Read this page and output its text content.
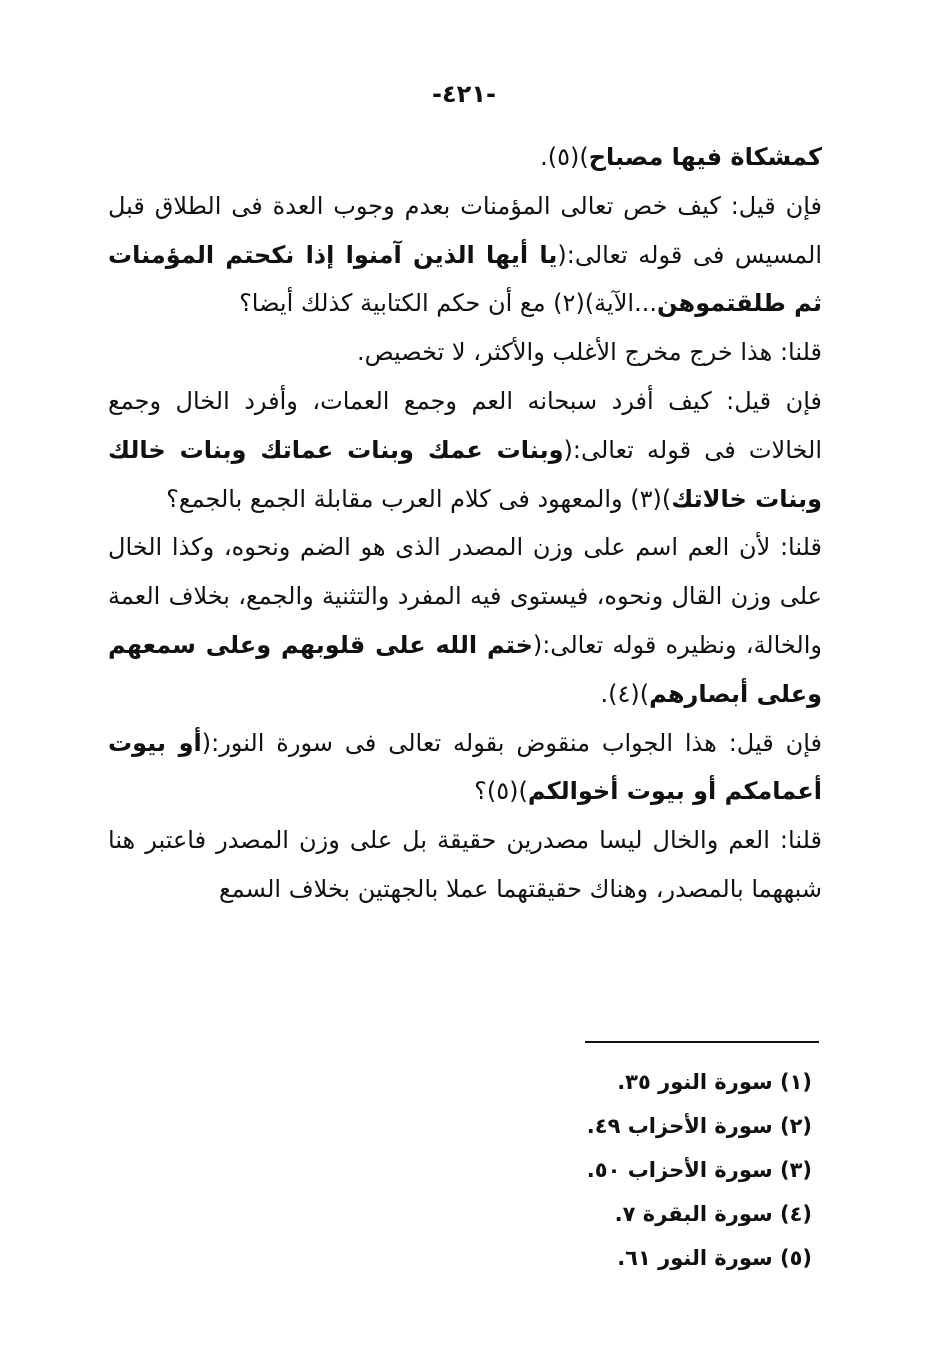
-٤٢١-

كمشكاة فيها مصباح)(٥).

فإن قيل: كيف خص تعالى المؤمنات بعدم وجوب العدة فى الطلاق قبل المسيس فى قوله تعالى:(يا أيها الذين آمنوا إذا نكحتم المؤمنات ثم طلقتموهن...الآية)(٢) مع أن حكم الكتابية كذلك أيضا؟

قلنا: هذا خرج مخرج الأغلب والأكثر، لا تخصيص.

فإن قيل: كيف أفرد سبحانه العم وجمع العمات، وأفرد الخال وجمع الخالات فى قوله تعالى:(وبنات عمك وبنات عماتك وبنات خالك وبنات خالاتك)(٣) والمعهود فى كلام العرب مقابلة الجمع بالجمع؟

قلنا: لأن العم اسم على وزن المصدر الذى هو الضم ونحوه، وكذا الخال على وزن القال ونحوه، فيستوى فيه المفرد والتثنية والجمع، بخلاف العمة والخالة، ونظيره قوله تعالى:(ختم الله على قلوبهم وعلى سمعهم وعلى أبصارهم)(٤).

فإن قيل: هذا الجواب منقوض بقوله تعالى فى سورة النور:(أو بيوت أعمامكم أو بيوت أخوالكم)(٥)؟

قلنا: العم والخال ليسا مصدرين حقيقة بل على وزن المصدر فاعتبر هنا شبههما بالمصدر، وهناك حقيقتهما عملا بالجهتين بخلاف السمع

(١) سورة النور ٣٥.
(٢) سورة الأحزاب ٤٩.
(٣) سورة الأحزاب ٥٠.
(٤) سورة البقرة ٧.
(٥) سورة النور ٦١.
